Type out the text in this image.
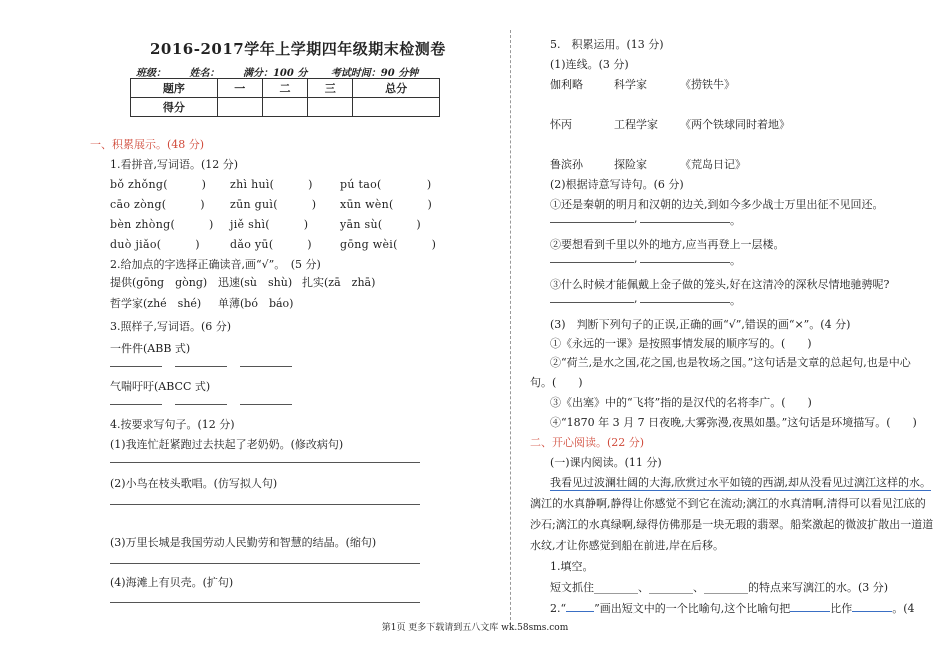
2016-2017学年上学期四年级期末检测卷
班级： 姓名： 满分：100 分 考试时间：90 分钟
题序	一	二	三	总分
得分				
一、积累展示。(48 分)
1.看拼音,写词语。(12 分)
bǒ zhǒng(　　　) zhì huì(　　　) pú tao(　　　　)
cāo zòng(　　　) zūn guì(　　　) xūn wèn(　　　)
bèn zhòng(　　　) jiě shì(　　　)	yān sù(　　　)
duò jiǎo(　　　)	dǎo yū(　　　)	gōng wèi(　　　)
2.给加点的字选择正确读音,画“√”。　(5 分)
提供(gōng　gòng) 迅速(sù　shù) 扎实(zā　zhā)
哲学家(zhé　shé) 单薄(bó　báo)
3.照样子,写词语。(6 分)
一件件(ABB 式)
气喘吁吁(ABCC 式)
4.按要求写句子。(12 分)
(1)我连忙赶紧跑过去扶起了老奶奶。(修改病句)
(2)小鸟在枝头歌唱。(仿写拟人句)
(3)万里长城是我国劳动人民勤劳和智慧的结晶。(缩句)
(4)海滩上有贝壳。(扩句)
5.　积累运用。(13 分)
(1)连线。(3 分)
伽利略	科学家	《捞铁牛》
怀丙	工程学家 《两个铁球同时着地》
鲁滨孙	探险家	《荒岛日记》
(2)根据诗意写诗句。(6 分)
①还是秦朝的明月和汉朝的边关,到如今多少战士万里出征不见回还。
,	。
②要想看到千里以外的地方,应当再登上一层楼。
,	。
③什么时候才能佩戴上金子做的笼头,好在这清冷的深秋尽情地驰骋呢?
,	。
(3)　判断下列句子的正误,正确的画“√”,错误的画“×”。(4 分)
①《永远的一课》是按照事情发展的顺序写的。(　　)
②“荷兰,是水之国,花之国,也是牧场之国。”这句话是文章的总起句,也是中心
句。(　　)
③《出塞》中的“飞将”指的是汉代的名将李广。(　　)
④“1870 年 3 月 7 日夜晚,大雾弥漫,夜黑如墨。”这句话是环境描写。(　　)
二、开心阅读。(22 分)
(一)课内阅读。(11 分)
我看见过波澜壮阔的大海,欣赏过水平如镜的西湖,却从没看见过漓江这样的水。
漓江的水真静啊,静得让你感觉不到它在流动;漓江的水真清啊,清得可以看见江底的
沙石;漓江的水真绿啊,绿得仿佛那是一块无瑕的翡翠。船桨激起的微波扩散出一道道
水纹,才让你感觉到船在前进,岸在后移。
1.填空。
短文抓住________、________、________的特点来写漓江的水。(3 分)
2.“	”画出短文中的一个比喻句,这个比喻句把	比作	。(4
第1页 更多下载请到五八文库 wk.58sms.com
